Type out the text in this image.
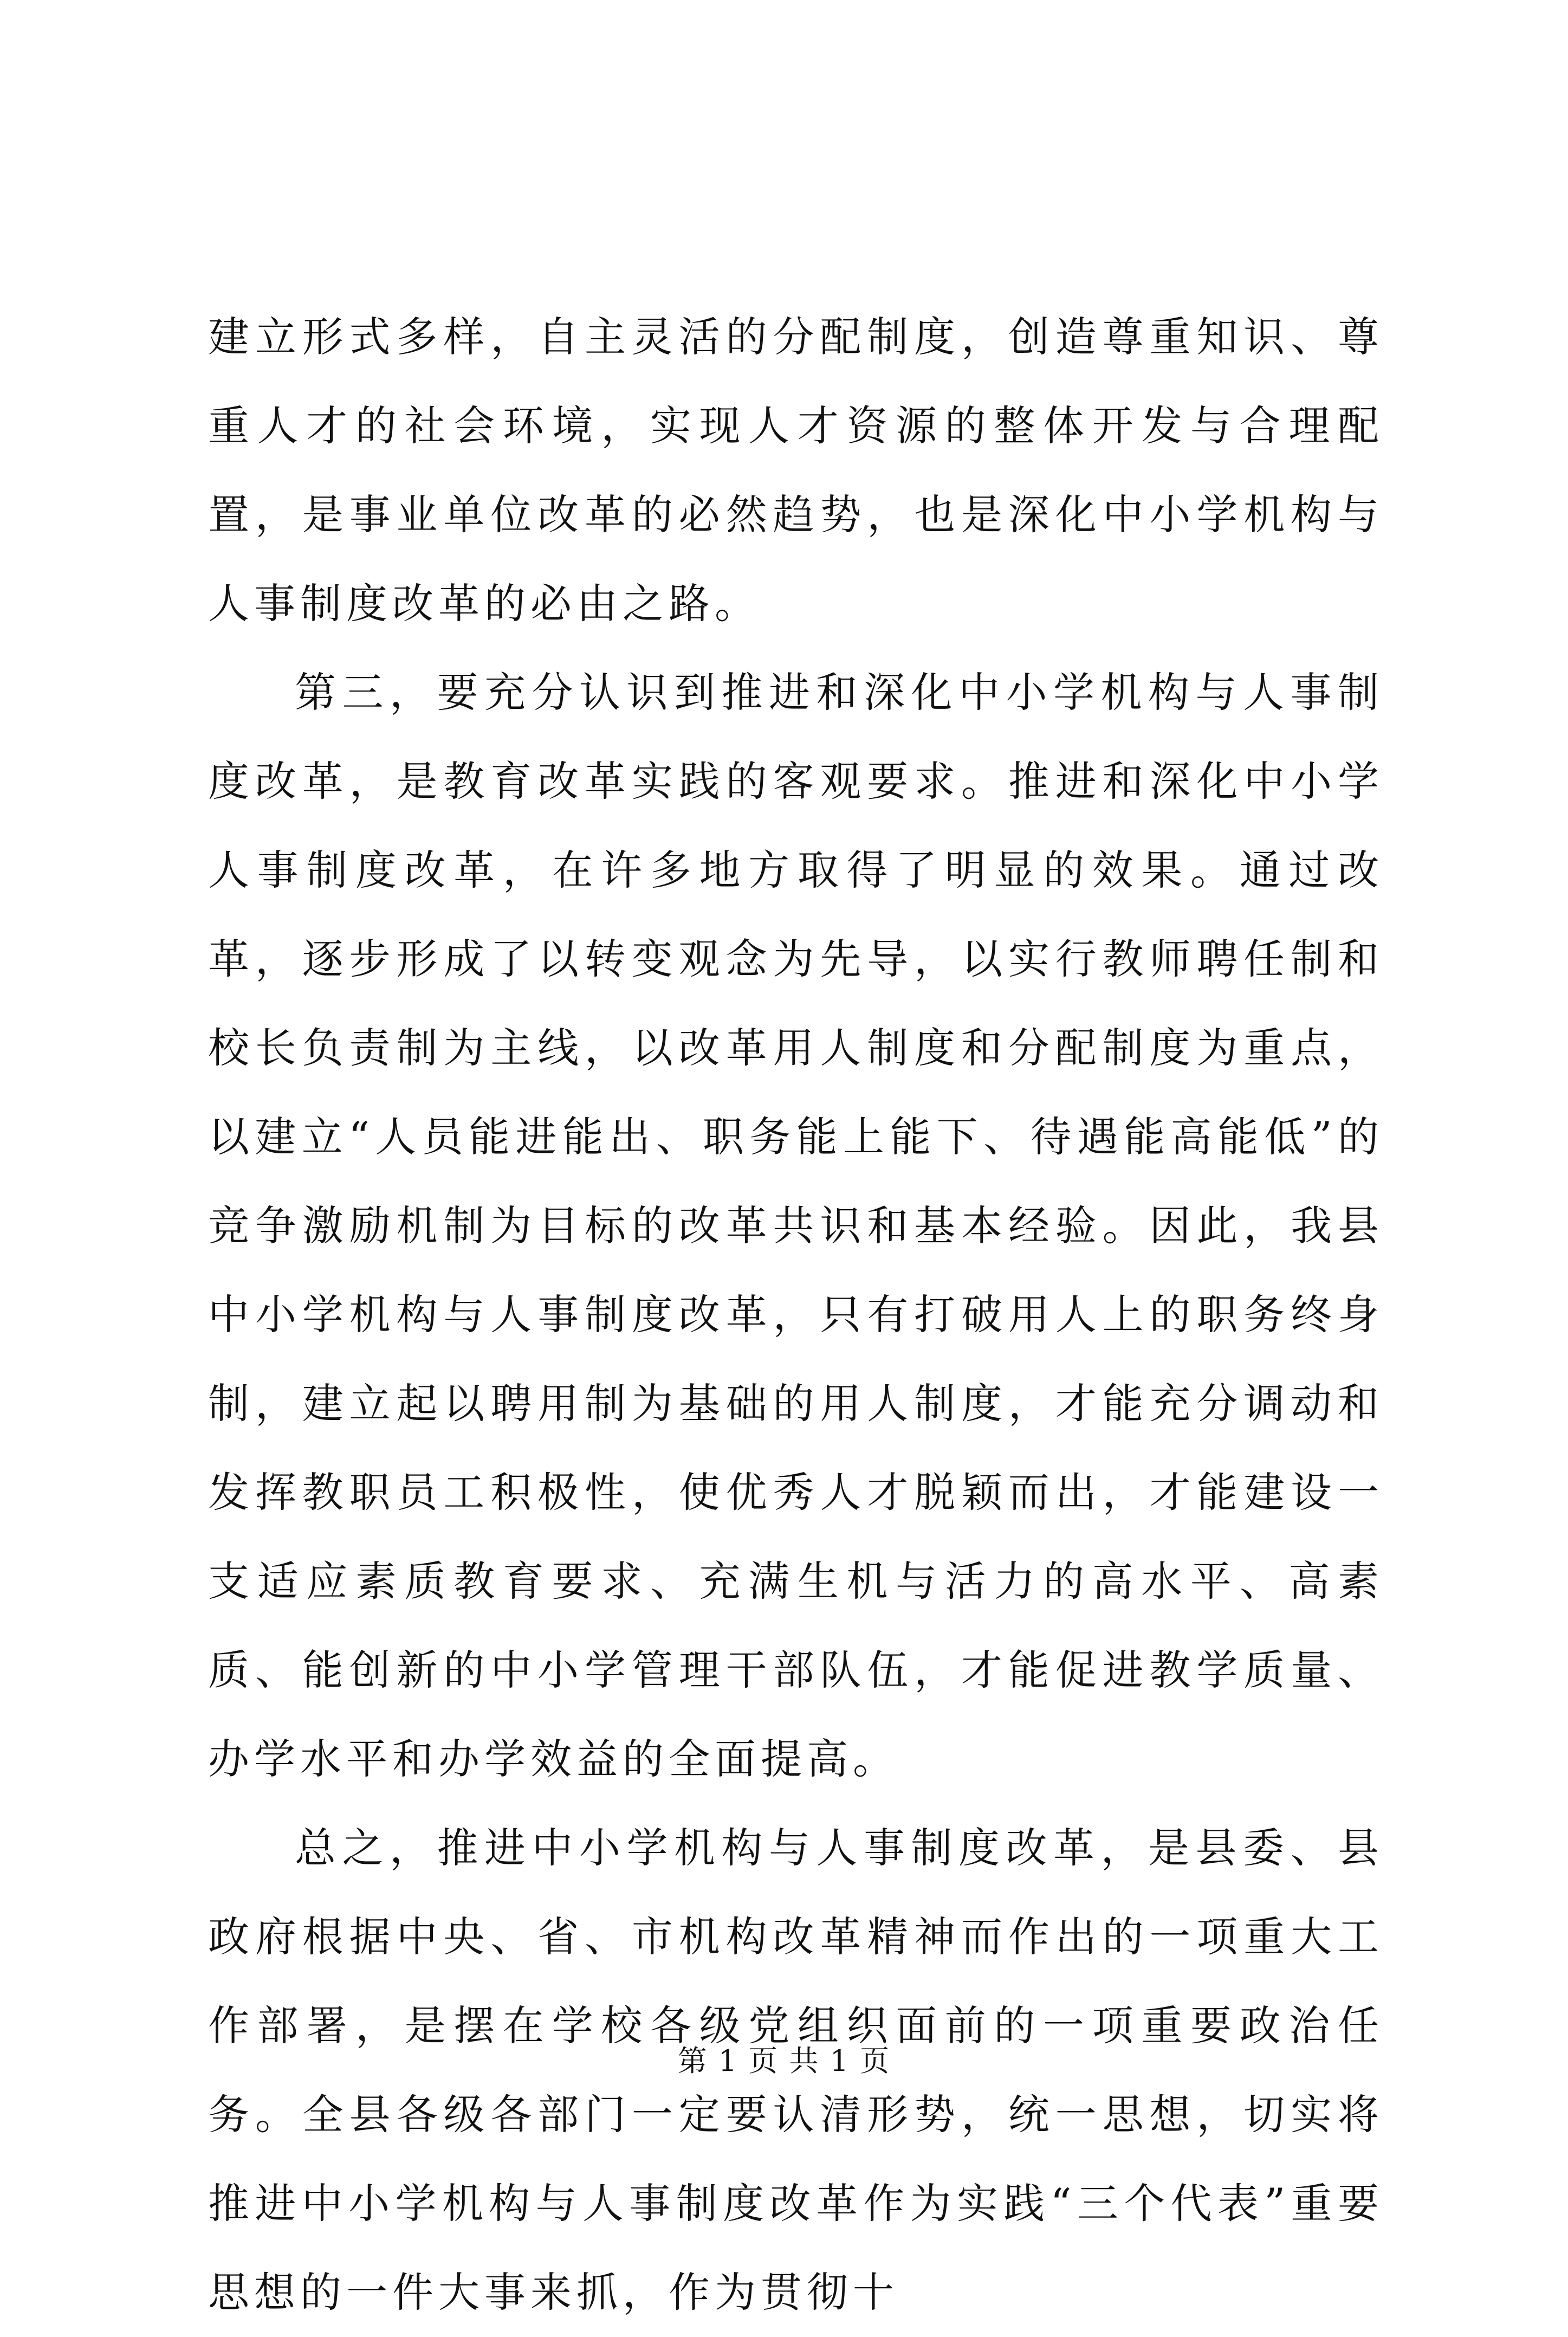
建立形式多样，自主灵活的分配制度，创造尊重知识、尊重人才的社会环境，实现人才资源的整体开发与合理配置，是事业单位改革的必然趋势，也是深化中小学机构与人事制度改革的必由之路。

第三，要充分认识到推进和深化中小学机构与人事制度改革，是教育改革实践的客观要求。推进和深化中小学人事制度改革，在许多地方取得了明显的效果。通过改革，逐步形成了以转变观念为先导，以实行教师聘任制和校长负责制为主线，以改革用人制度和分配制度为重点，以建立“人员能进能出、职务能上能下、待遇能高能低”的竞争激励机制为目标的改革共识和基本经验。因此，我县中小学机构与人事制度改革，只有打破用人上的职务终身制，建立起以聘用制为基础的用人制度，才能充分调动和发挥教职员工积极性，使优秀人才脱颖而出，才能建设一支适应素质教育要求、充满生机与活力的高水平、高素质、能创新的中小学管理干部队伍，才能促进教学质量、办学水平和办学效益的全面提高。

总之，推进中小学机构与人事制度改革，是县委、县政府根据中央、省、市机构改革精神而作出的一项重大工作部署，是摆在学校各级党组织面前的一项重要政治任务。全县各级各部门一定要认清形势，统一思想，切实将推进中小学机构与人事制度改革作为实践“三个代表”重要思想的一件大事来抓，作为贯彻十

第 1 页 共 1 页
